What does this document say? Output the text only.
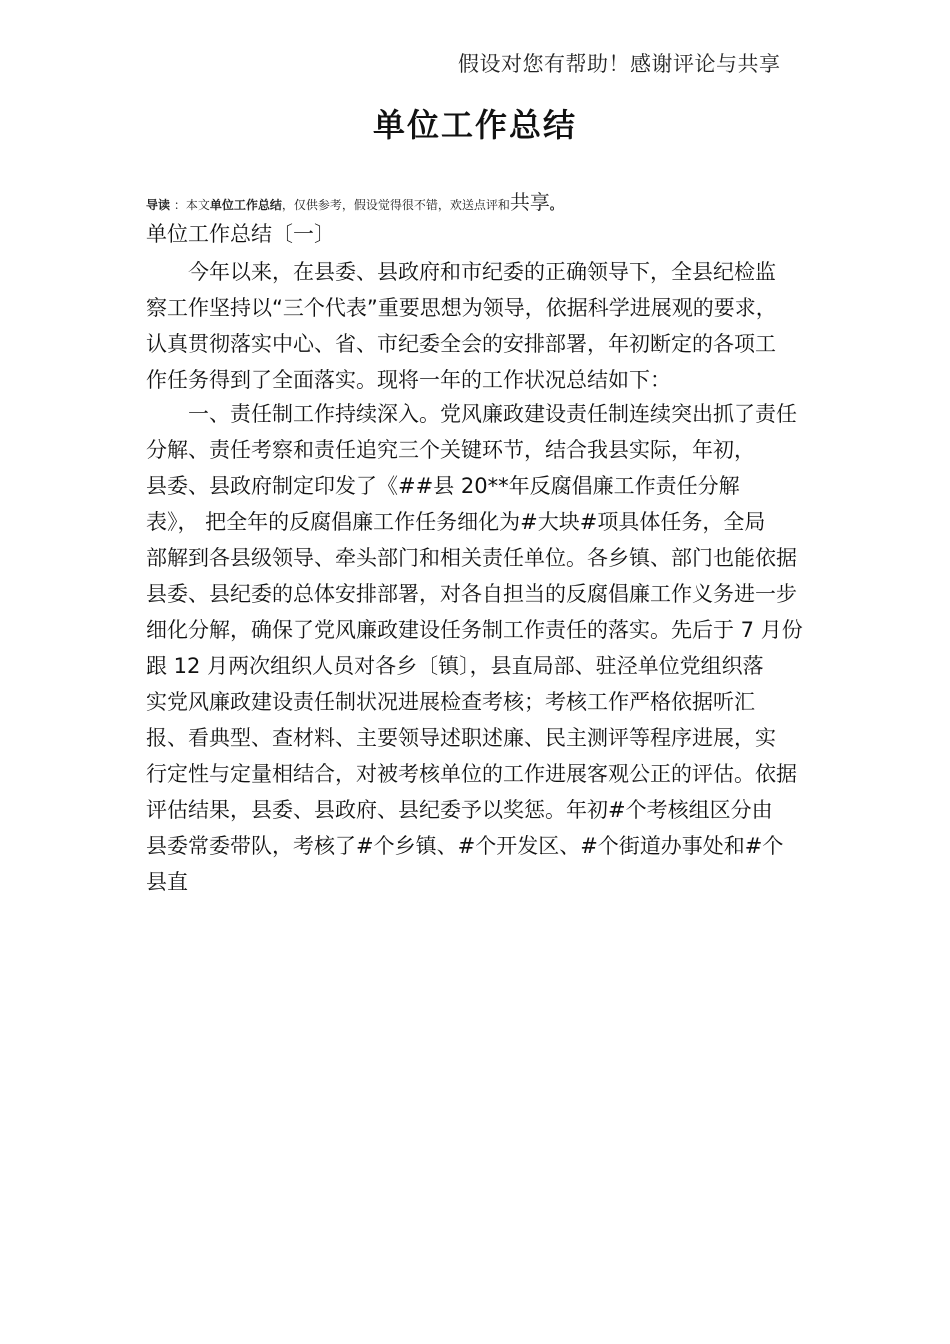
假设对您有帮助！感谢评论与共享
单位工作总结
导读 ：本文单位工作总结，仅供参考，假设觉得很不错，欢送点评和共享。
单位工作总结〔一〕
今年以来，在县委、县政府和市纪委的正确领导下，全县纪检监
察工作坚持以“三个代表”重要思想为领导，依据科学进展观的要求，
认真贯彻落实中心、省、市纪委全会的安排部署，年初断定的各项工
作任务得到了全面落实。现将一年的工作状况总结如下：
一、责任制工作持续深入。党风廉政建设责任制连续突出抓了责任
分解、责任考察和责任追究三个关键环节，结合我县实际，年初，
县委、县政府制定印发了《##县 20**年反腐倡廉工作责任分解
表》， 把全年的反腐倡廉工作任务细化为#大块#项具体任务，全局
部解到各县级领导、牵头部门和相关责任单位。各乡镇、部门也能依据
县委、县纪委的总体安排部署，对各自担当的反腐倡廉工作义务进一步
细化分解，确保了党风廉政建设任务制工作责任的落实。先后于 7 月份
跟 12 月两次组织人员对各乡〔镇〕，县直局部、驻泾单位党组织落
实党风廉政建设责任制状况进展检查考核；考核工作严格依据听汇
报、看典型、查材料、主要领导述职述廉、民主测评等程序进展，实
行定性与定量相结合，对被考核单位的工作进展客观公正的评估。依据
评估结果，县委、县政府、县纪委予以奖惩。年初#个考核组区分由
县委常委带队，考核了#个乡镇、#个开发区、#个街道办事处和#个
县直
